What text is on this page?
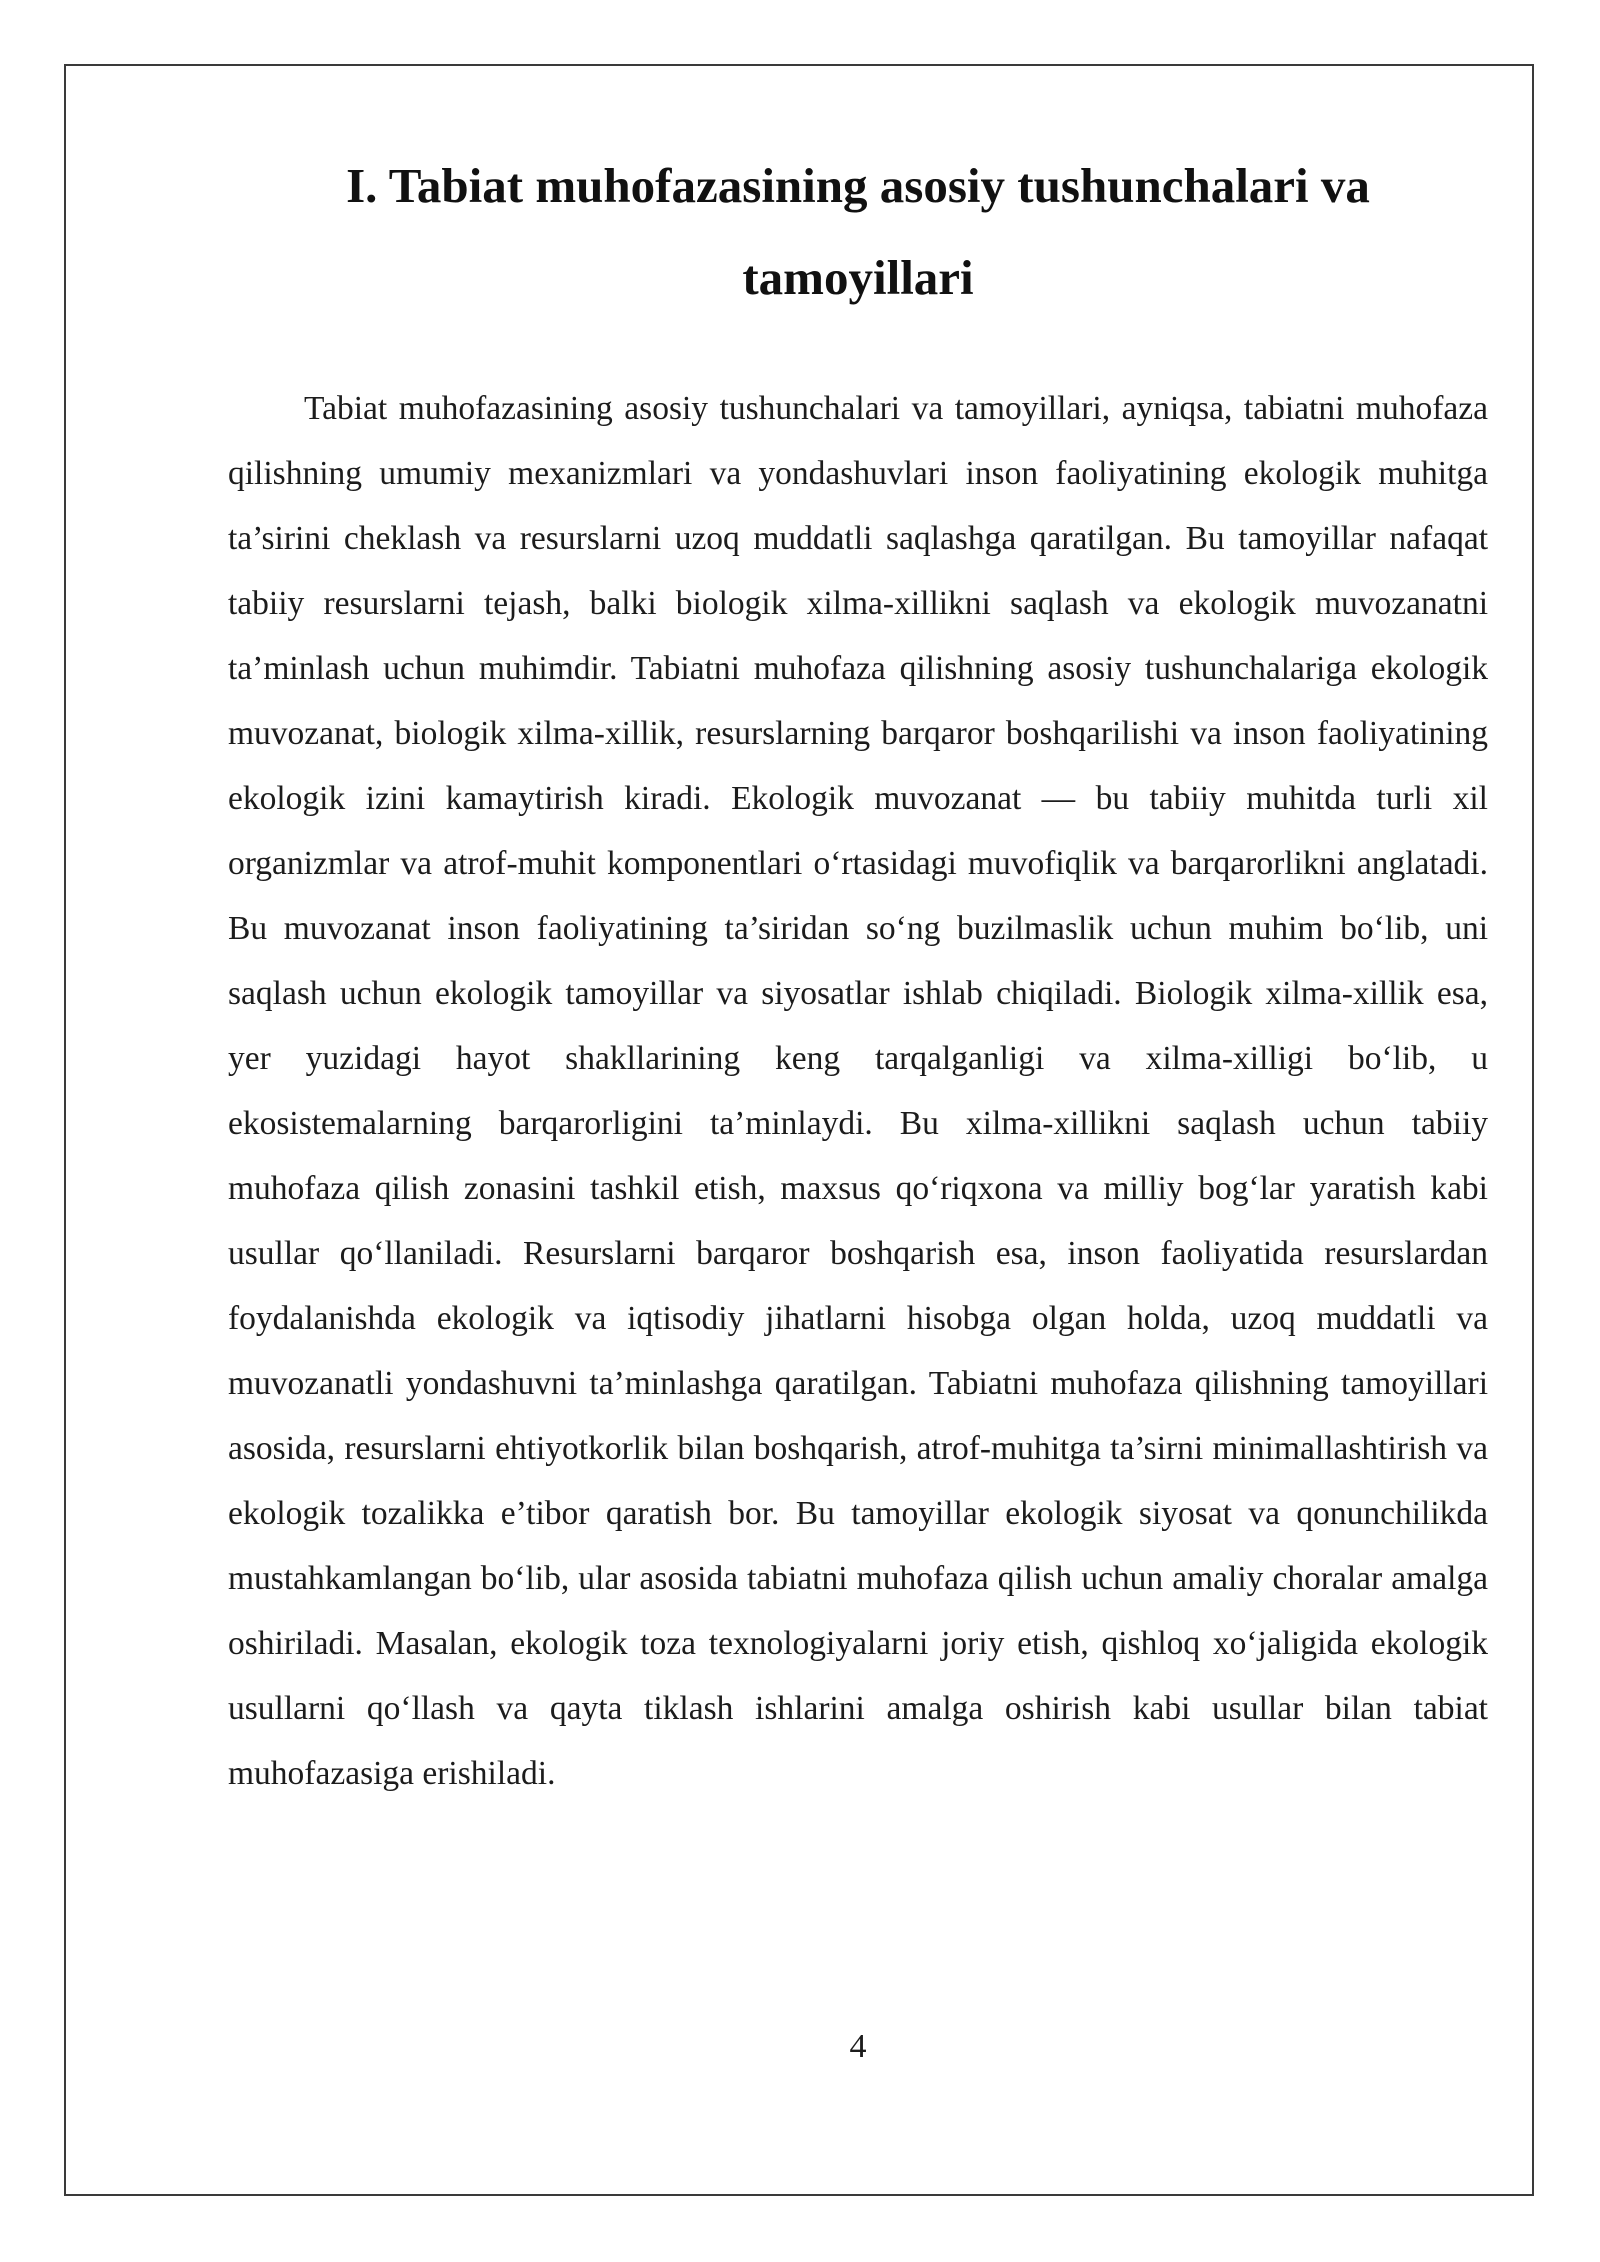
I. Tabiat muhofazasining asosiy tushunchalari va tamoyillari

Tabiat muhofazasining asosiy tushunchalari va tamoyillari, ayniqsa, tabiatni muhofaza qilishning umumiy mexanizmlari va yondashuvlari inson faoliyatining ekologik muhitga ta’sirini cheklash va resurslarni uzoq muddatli saqlashga qaratilgan. Bu tamoyillar nafaqat tabiiy resurslarni tejash, balki biologik xilma-xillikni saqlash va ekologik muvozanatni ta’minlash uchun muhimdir. Tabiatni muhofaza qilishning asosiy tushunchalariga ekologik muvozanat, biologik xilma-xillik, resurslarning barqaror boshqarilishi va inson faoliyatining ekologik izini kamaytirish kiradi. Ekologik muvozanat — bu tabiiy muhitda turli xil organizmlar va atrof-muhit komponentlari o‘rtasidagi muvofiqlik va barqarorlikni anglatadi. Bu muvozanat inson faoliyatining ta’siridan so‘ng buzilmaslik uchun muhim bo‘lib, uni saqlash uchun ekologik tamoyillar va siyosatlar ishlab chiqiladi. Biologik xilma-xillik esa, yer yuzidagi hayot shakllarining keng tarqalganligi va xilma-xilligi bo‘lib, u ekosistemalarning barqarorligini ta’minlaydi. Bu xilma-xillikni saqlash uchun tabiiy muhofaza qilish zonasini tashkil etish, maxsus qo‘riqxona va milliy bog‘lar yaratish kabi usullar qo‘llaniladi. Resurslarni barqaror boshqarish esa, inson faoliyatida resurslardan foydalanishda ekologik va iqtisodiy jihatlarni hisobga olgan holda, uzoq muddatli va muvozanatli yondashuvni ta’minlashga qaratilgan. Tabiatni muhofaza qilishning tamoyillari asosida, resurslarni ehtiyotkorlik bilan boshqarish, atrof-muhitga ta’sirni minimallashtirish va ekologik tozalikka e’tibor qaratish bor. Bu tamoyillar ekologik siyosat va qonunchilikda mustahkamlangan bo‘lib, ular asosida tabiatni muhofaza qilish uchun amaliy choralar amalga oshiriladi. Masalan, ekologik toza texnologiyalarni joriy etish, qishloq xo‘jaligida ekologik usullarni qo‘llash va qayta tiklash ishlarini amalga oshirish kabi usullar bilan tabiat muhofazasiga erishiladi.

4
